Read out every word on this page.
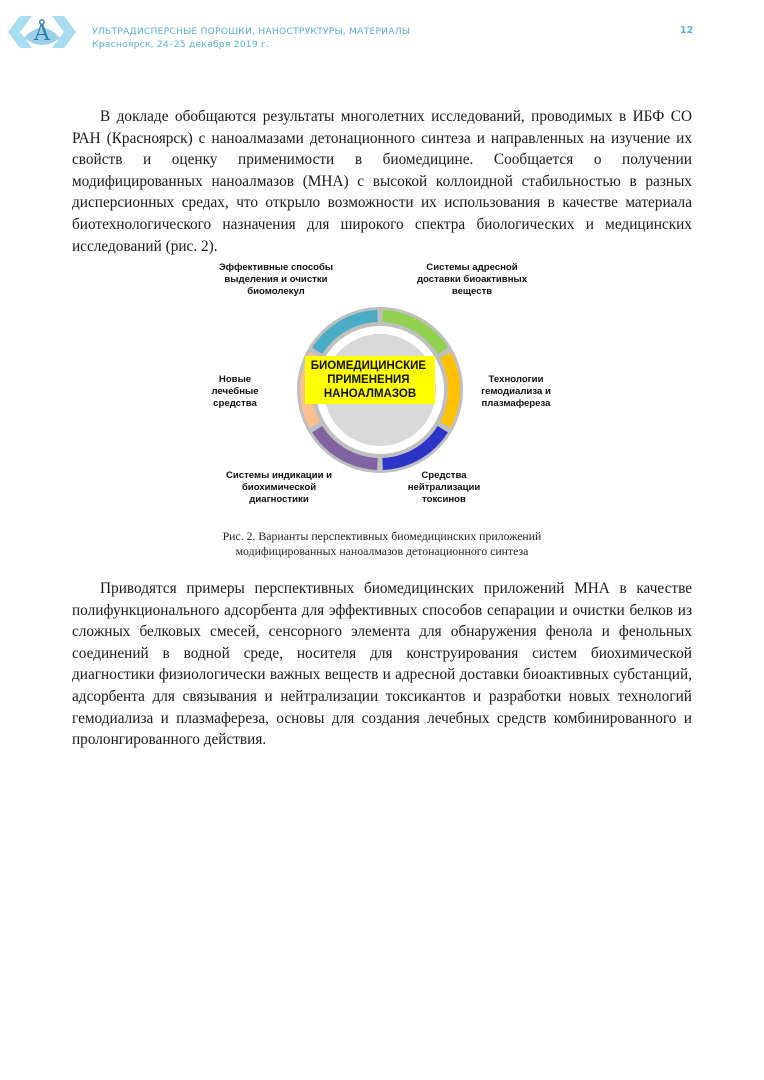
Å	УЛЬТРАДИСПЕРСНЫЕ ПОРОШКИ, НАНОСТРУКТУРЫ, МАТЕРИАЛЫ
Красноярск, 24–25 декабря 2019 г.
12

В докладе обобщаются результаты многолетних исследований, проводимых в ИБФ СО РАН (Красноярск) с наноалмазами детонационного синтеза и направленных на изучение их свойств и оценку применимости в биомедицине. Сообщается о получении модифицированных наноалмазов (МНА) с высокой коллоидной стабильностью в разных дисперсионных средах, что открыло возможности их использования в качестве материала биотехнологического назначения для широкого спектра биологических и медицинских исследований (рис. 2).

БИОМЕДИЦИНСКИЕ ПРИМЕНЕНИЯ НАНОАЛМАЗОВ
Эффективные способы
выделения и очистки
биомолекул
Системы адресной
доставки биоактивных
веществ
Технологии
гемодиализа и
плазмафереза
Средства
нейтрализации
токсинов
Системы индикации и
биохимической
диагностики
Новые
лечебные
средства
Рис. 2. Варианты перспективных биомедицинских приложений
модифицированных наноалмазов детонационного синтеза

Приводятся примеры перспективных биомедицинских приложений МНА в качестве полифункционального адсорбента для эффективных способов сепарации и очистки белков из сложных белковых смесей, сенсорного элемента для обнаружения фенола и фенольных соединений в водной среде, носителя для конструирования систем биохимической диагностики физиологически важных веществ и адресной доставки биоактивных субстанций, адсорбента для связывания и нейтрализации токсикантов и разработки новых технологий гемодиализа и плазмафереза, основы для создания лечебных средств комбинированного и пролонгированного действия.
